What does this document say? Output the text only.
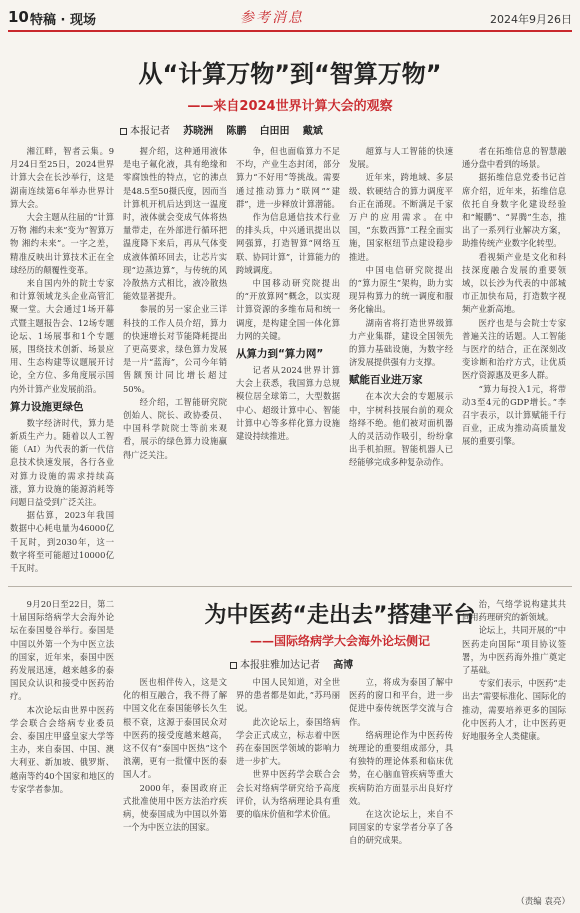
10 特稿 · 现场	参考消息	2024年9月26日
从“计算万物”到“智算万物”
——来自2024世界计算大会的观察
本报记者 苏晓洲 陈鹏 白田田 戴斌

湘江畔，智者云集。9月24日至25日，2024世界计算大会在长沙举行，这是湖南连续第6年举办世界计算大会。

大会主题从往届的“计算万物 湘约未来”变为“智算万物 湘约未来”。一字之差，精准反映出计算技术正在全球经历的颠覆性变革。

来自国内外的院士专家和计算领域龙头企业高管汇聚一堂。大会通过1场开幕式暨主题报告会、12场专题论坛、1场展事和1个专题展，围绕技术创新、场景应用、生态构建等议题展开讨论，全方位、多角度展示国内外计算产业发展前沿。

算力设施更绿色

数字经济时代，算力是新质生产力。随着以人工智能（AI）为代表的新一代信息技术快速发展，各行各业对算力设施的需求持续高涨，算力设施的能源消耗等问题日益受到广泛关注。

据估算，2023年我国数据中心耗电量为46000亿千瓦时，到2030年，这一数字将至可能超过10000亿千瓦时。

握介绍，这种通用液体是电子氟化液，具有绝缘和零腐蚀性的特点，它的沸点是48.5至50摄氏度，因而当计算机开机后达到这一温度时，液体就会变成气体将热量带走，在外部进行循环把温度降下来后，再从气体变成液体循环回去，让芯片实现“边蒸边算”，与传统的风冷散热方式相比，液冷散热能效显著提升。

参展的另一家企业三详科技的工作人员介绍，算力的快速增长对节能降耗提出了更高要求，绿色算力发展是一片“蓝海”，公司今年销售额预计同比增长超过50%。

经介绍，工智能研究院创始人、院长、政协委员、中国科学院院士等前来观看，展示的绿色算力设施赢得广泛关注。

争，但也面临算力不足不均，产业生态封闭，部分算力“不好用”等挑战。需要通过推动算力“联网”“建群”，进一步释放计算潜能。

作为信息通信技术行业的排头兵，中兴通讯提出以网强算，打造智算“网络互联、协同计算”，计算能力的跨域调度。

中国移动研究院提出的“开放算网”概念，以实现计算资源的多维布局和统一调度，是构建全国一体化算力网的关键。

从算力到“算力网”

记者从2024世界计算大会上获悉，我国算力总规模位居全球第二，大型数据中心、超级计算中心、智能计算中心等多样化算力设施建设持续推进。

超算与人工智能的快速发展。

近年来，跨地域、多层级、软硬结合的算力调度平台正在涌现。不断满足千家万户的应用需求。在中国，“东数西算”工程全面实施，国家枢纽节点建设稳步推进。

中国电信研究院提出的“算力原生”架构，助力实现异构算力的统一调度和服务化输出。

湖南省将打造世界级算力产业集群，建设全国领先的算力基础设施，为数字经济发展提供强有力支撑。

赋能百业进万家

在本次大会的专题展示中，宇树科技展台前的观众络绎不绝。他们被对面机器人的灵活动作吸引，纷纷拿出手机拍照。智能机器人已经能够完成多种复杂动作。

者在拓维信息的智慧融通分盘中看到的场景。

据拓维信息党委书记首席介绍，近年来，拓维信息依托自身数字化建设经验和“鲲鹏”、“昇腾”生态，推出了一系列行业解决方案，助推传统产业数字化转型。

看视频产业是文化和科技深度融合发展的重要领域，以长沙为代表的中部城市正加快布局，打造数字视频产业新高地。

医疗也是与会院士专家普遍关注的话题。人工智能与医疗的结合，正在深刻改变诊断和治疗方式，让优质医疗资源惠及更多人群。

“算力每投入1元，将带动3至4元的GDP增长。”李召宇表示，以计算赋能千行百业，正成为推动高质量发展的重要引擎。

为中医药“走出去”搭建平台
——国际络病学大会海外论坛侧记
本报驻雅加达记者 高博

9月20日至22日，第二十届国际络病学大会海外论坛在泰国曼谷举行。泰国是中国以外第一个为中医立法的国家，近年来，泰国中医药发展迅速，越来越多的泰国民众认识和接受中医药治疗。

本次论坛由世界中医药学会联合会络病专业委员会、泰国庄甲盛皇家大学等主办，来自泰国、中国、澳大利亚、新加坡、俄罗斯、越南等约40个国家和地区的专家学者参加。

医也相伴传入，这是文化的相互融合，我不得了解中国文化在泰国能够长久生根不衰，这源于泰国民众对中医药的接受度越来越高，这不仅有“泰国中医热”这个浪潮，更有一批懂中医的泰国人才。

2000年，泰国政府正式批准使用中医方法治疗疾病，使泰国成为中国以外第一个为中医立法的国家。

中国人民知道，对全世界的患者都是如此，”苏玛丽说。

此次论坛上，泰国络病学会正式成立，标志着中医药在泰国医学领域的影响力进一步扩大。

世界中医药学会联合会会长对络病学研究给予高度评价，认为络病理论具有重要的临床价值和学术价值。

立，将成为泰国了解中医药的窗口和平台，进一步促进中泰传统医学交流与合作。

络病理论作为中医药传统理论的重要组成部分，具有独特的理论体系和临床优势，在心脑血管疾病等重大疾病防治方面显示出良好疗效。

在这次论坛上，来自不同国家的专家学者分享了各自的研究成果。

治，气络学说构建其共同用药理研究的新领域。

论坛上，共同开展的“中医药走向国际”项目协议签署，为中医药海外推广奠定了基础。

专家们表示，中医药“走出去”需要标准化、国际化的推动，需要培养更多的国际化中医药人才，让中医药更好地服务全人类健康。

（责编 袁亮）
